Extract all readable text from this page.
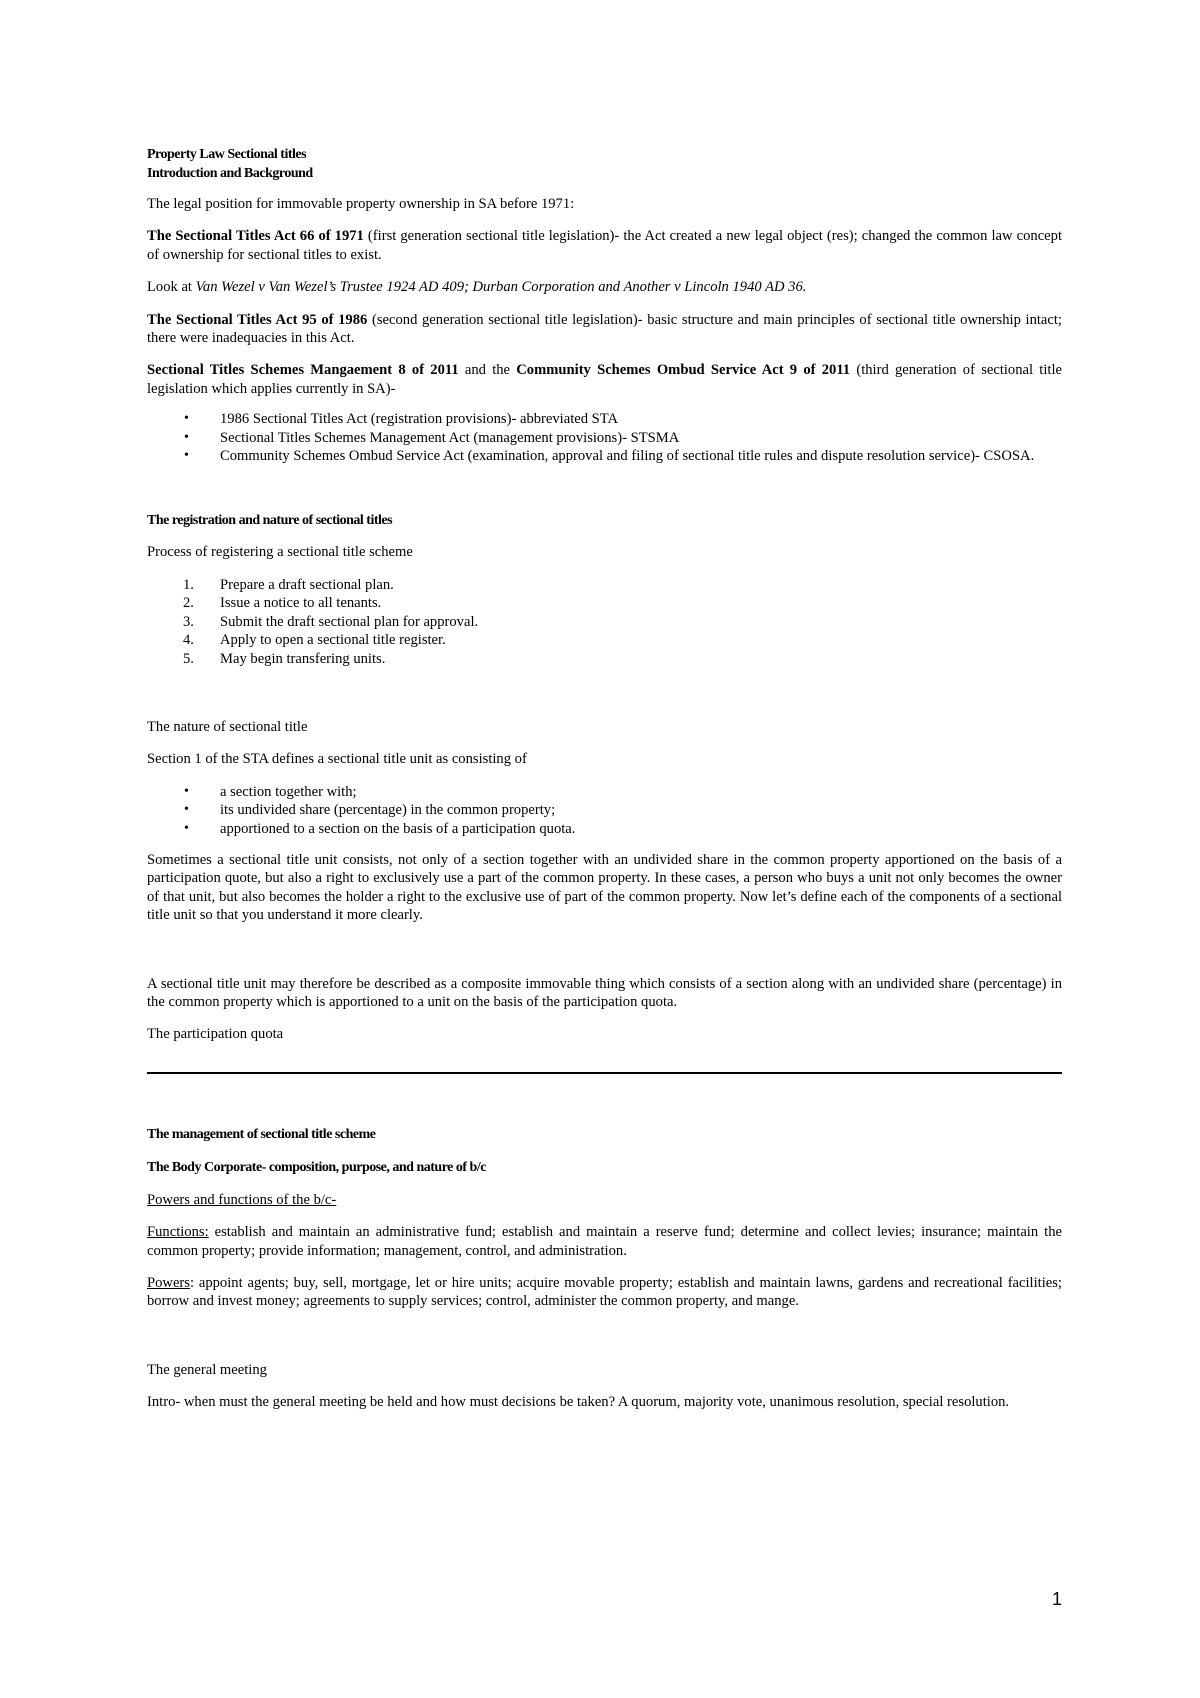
Property Law Sectional titles

Introduction and Background

The legal position for immovable property ownership in SA before 1971:

The Sectional Titles Act 66 of 1971 (first generation sectional title legislation)- the Act created a new legal object (res); changed the common law concept of ownership for sectional titles to exist.

Look at Van Wezel v Van Wezel’s Trustee 1924 AD 409; Durban Corporation and Another v Lincoln 1940 AD 36.

The Sectional Titles Act 95 of 1986 (second generation sectional title legislation)- basic structure and main principles of sectional title ownership intact; there were inadequacies in this Act.

Sectional Titles Schemes Mangaement 8 of 2011 and the Community Schemes Ombud Service Act 9 of 2011 (third generation of sectional title legislation which applies currently in SA)-

• 1986 Sectional Titles Act (registration provisions)- abbreviated STA
• Sectional Titles Schemes Management Act (management provisions)- STSMA
• Community Schemes Ombud Service Act (examination, approval and filing of sectional title rules and dispute resolution service)- CSOSA.

The registration and nature of sectional titles

Process of registering a sectional title scheme

1. Prepare a draft sectional plan.
2. Issue a notice to all tenants.
3. Submit the draft sectional plan for approval.
4. Apply to open a sectional title register.
5. May begin transfering units.

The nature of sectional title

Section 1 of the STA defines a sectional title unit as consisting of

• a section together with;
• its undivided share (percentage) in the common property;
• apportioned to a section on the basis of a participation quota.

Sometimes a sectional title unit consists, not only of a section together with an undivided share in the common property apportioned on the basis of a participation quote, but also a right to exclusively use a part of the common property. In these cases, a person who buys a unit not only becomes the owner of that unit, but also becomes the holder a right to the exclusive use of part of the common property. Now let’s define each of the components of a sectional title unit so that you understand it more clearly.

A sectional title unit may therefore be described as a composite immovable thing which consists of a section along with an undivided share (percentage) in the common property which is apportioned to a unit on the basis of the participation quota.

The participation quota

The management of sectional title scheme

The Body Corporate- composition, purpose, and nature of b/c

Powers and functions of the b/c-

Functions: establish and maintain an administrative fund; establish and maintain a reserve fund; determine and collect levies; insurance; maintain the common property; provide information; management, control, and administration.

Powers: appoint agents; buy, sell, mortgage, let or hire units; acquire movable property; establish and maintain lawns, gardens and recreational facilities; borrow and invest money; agreements to supply services; control, administer the common property, and mange.

The general meeting

Intro- when must the general meeting be held and how must decisions be taken? A quorum, majority vote, unanimous resolution, special resolution.

1
